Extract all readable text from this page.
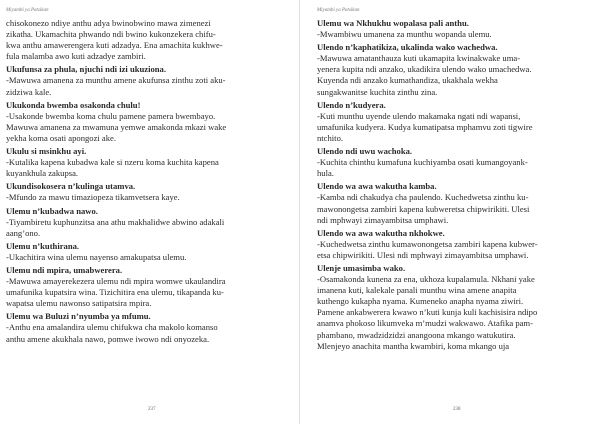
Miyambi ya Patsikan
chisokonezo ndiye anthu adya bwinobwino mawa zimenezi
zikatha. Ukamachita phwando ndi bwino kukonzekera chifu-
kwa anthu amawerengera kuti adzadya. Ena amachita kukhwe-
fula malamba awo kuti adzadye zambiri.
Ukufunsa za phula, njuchi ndi izi ukuziona.
-Mawuwa amanena za munthu amene akufunsa zinthu zoti aku-
zidziwa kale.
Ukukonda bwemba osakonda chulu!
-Usakonde bwemba koma chulu pamene pamera bwembayo.
Mawuwa amanena za mwamuna yemwe amakonda mkazi wake
yekha koma osati apongozi ake.
Ukulu si msinkhu ayi.
-Kutalika kapena kubadwa kale si nzeru koma kuchita kapena
kuyankhula zakupsa.
Ukundisokosera n’kulinga utamva.
-Mfundo za mawu timaziopeza tikamvetsera kaye.
Ulemu n’kubadwa nawo.
-Tiyambiretu kuphunzitsa ana athu makhalidwe abwino adakali
aang’ono.
Ulemu n’kuthirana.
-Ukachitira wina ulemu nayenso amakupatsa ulemu.
Ulemu ndi mpira, umabwerera.
-Mawuwa amayerekezera ulemu ndi mpira womwe ukaulandira
umafunika kupatsira wina. Tizichitira ena ulemu, tikapanda ku-
wapatsa ulemu nawonso satipatsira mpira.
Ulemu wa Buluzi n’nyumba ya mfumu.
-Anthu ena amalandira ulemu chifukwa cha makolo komanso
anthu amene akukhala nawo, pomwe iwowo ndi onyozeka.
237
Miyambi ya Patsikan
Ulemu wa Nkhukhu wopalasa pali anthu.
-Mwambiwu umanena za munthu wopanda ulemu.
Ulendo n’kaphatikiza, ukalinda wako wachedwa.
-Mawuwa amatanthauza kuti ukamapita kwinakwake uma-
yenera kupita ndi anzako, ukadikira ulendo wako umachedwa.
Kuyenda ndi anzako kumathandiza, ukakhala wekha
sungakwanitse kuchita zinthu zina.
Ulendo n’kudyera.
-Kuti munthu uyende ulendo makamaka ngati ndi wapansi,
umafunika kudyera. Kudya kumatipatsa mphamvu zoti tigwire
ntchito.
Ulendo ndi uwu wachoka.
-Kuchita chinthu kumafuna kuchiyamba osati kumangoyank-
hula.
Ulendo wa awa wakutha kamba.
-Kamba ndi chakudya cha paulendo. Kuchedwetsa zinthu ku-
mawonongetsa zambiri kapena kubweretsa chipwirikiti. Ulesi
ndi mphwayi zimayambitsa umphawi.
Ulendo wa awa wakutha nkhokwe.
-Kuchedwetsa zinthu kumawonongetsa zambiri kapena kubwer-
etsa chipwirikiti. Ulesi ndi mphwayi zimayambitsa umphawi.
Ulenje umasimba wako.
-Osamakonda kunena za ena, ukhoza kupalamula. Nkhani yake
imanena kuti, kalekale panali munthu wina amene anapita
kuthengo kukapha nyama. Kumeneko anapha nyama ziwiri.
Pamene ankabwerera kwawo n’kuti kunja kuli kachisisira ndipo
anamva phokoso likumveka m’mudzi wakwawo. Atafika pam-
phambano, mwadzidzidzi anangoona mkango watukutira.
Mlenjeyo anachita mantha kwambiri, koma mkango uja
238
